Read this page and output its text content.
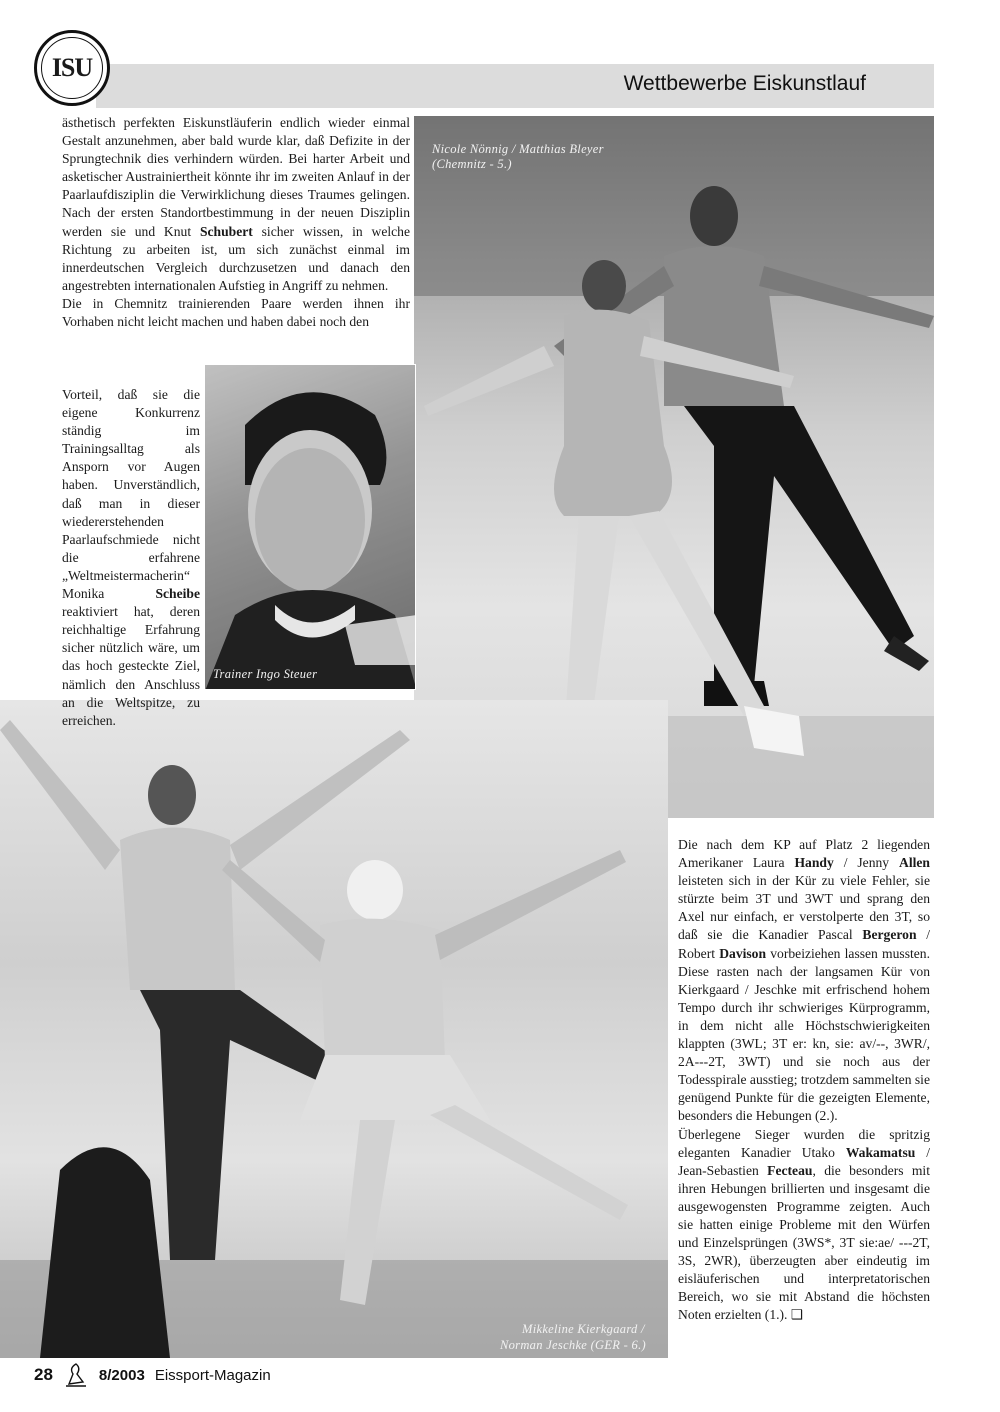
ISU
Wettbewerbe Eiskunstlauf
Nicole Nönnig / Matthias Bleyer
(Chemnitz - 5.)
Trainer Ingo Steuer
Mikkeline Kierkgaard /
Norman Jeschke (GER - 6.)

ästhetisch perfekten Eiskunstläuferin endlich wieder einmal Gestalt anzunehmen, aber bald wurde klar, daß Defizite in der Sprungtechnik dies verhindern würden. Bei harter Arbeit und asketischer Austrainiertheit könnte ihr im zweiten Anlauf in der Paarlaufdisziplin die Verwirklichung dieses Traumes gelingen. Nach der ersten Standortbestimmung in der neuen Disziplin werden sie und Knut Schubert sicher wissen, in welche Richtung zu arbeiten ist, um sich zunächst einmal im innerdeutschen Vergleich durchzusetzen und danach den angestrebten internationalen Aufstieg in Angriff zu nehmen.

Die in Chemnitz trainierenden Paare werden ihnen ihr Vorhaben nicht leicht machen und haben dabei noch den

Vorteil, daß sie die eigene Konkurrenz ständig im Trainingsalltag als Ansporn vor Augen haben. Unverständlich, daß man in dieser wiedererstehenden Paarlaufschmiede nicht die erfahrene „Weltmeistermacherin“ Monika Scheibe reaktiviert hat, deren reichhaltige Erfahrung sicher nützlich wäre, um das hoch gesteckte Ziel, nämlich den Anschluss an die Weltspitze, zu erreichen.

Die nach dem KP auf Platz 2 liegenden Amerikaner Laura Handy / Jenny Allen leisteten sich in der Kür zu viele Fehler, sie stürzte beim 3T und 3WT und sprang den Axel nur einfach, er verstolperte den 3T, so daß sie die Kanadier Pascal Bergeron / Robert Davison vorbeiziehen lassen mussten. Diese rasten nach der langsamen Kür von Kierkgaard / Jeschke mit erfrischend hohem Tempo durch ihr schwieriges Kürprogramm, in dem nicht alle Höchstschwierigkeiten klappten (3WL; 3T er: kn, sie: av/--, 3WR/, 2A---2T, 3WT) und sie noch aus der Todesspirale ausstieg; trotzdem sammelten sie genügend Punkte für die gezeigten Elemente, besonders die Hebungen (2.).

Überlegene Sieger wurden die spritzig eleganten Kanadier Utako Wakamatsu / Jean-Sebastien Fecteau, die besonders mit ihren Hebungen brillierten und insgesamt die ausgewogensten Programme zeigten. Auch sie hatten einige Probleme mit den Würfen und Einzelsprüngen (3WS*, 3T sie:ae/ ---2T, 3S, 2WR), überzeugten aber eindeutig im eisläuferischen und interpretatorischen Bereich, wo sie mit Abstand die höchsten Noten erzielten (1.). ❑

28	8/2003 Eissport-Magazin
